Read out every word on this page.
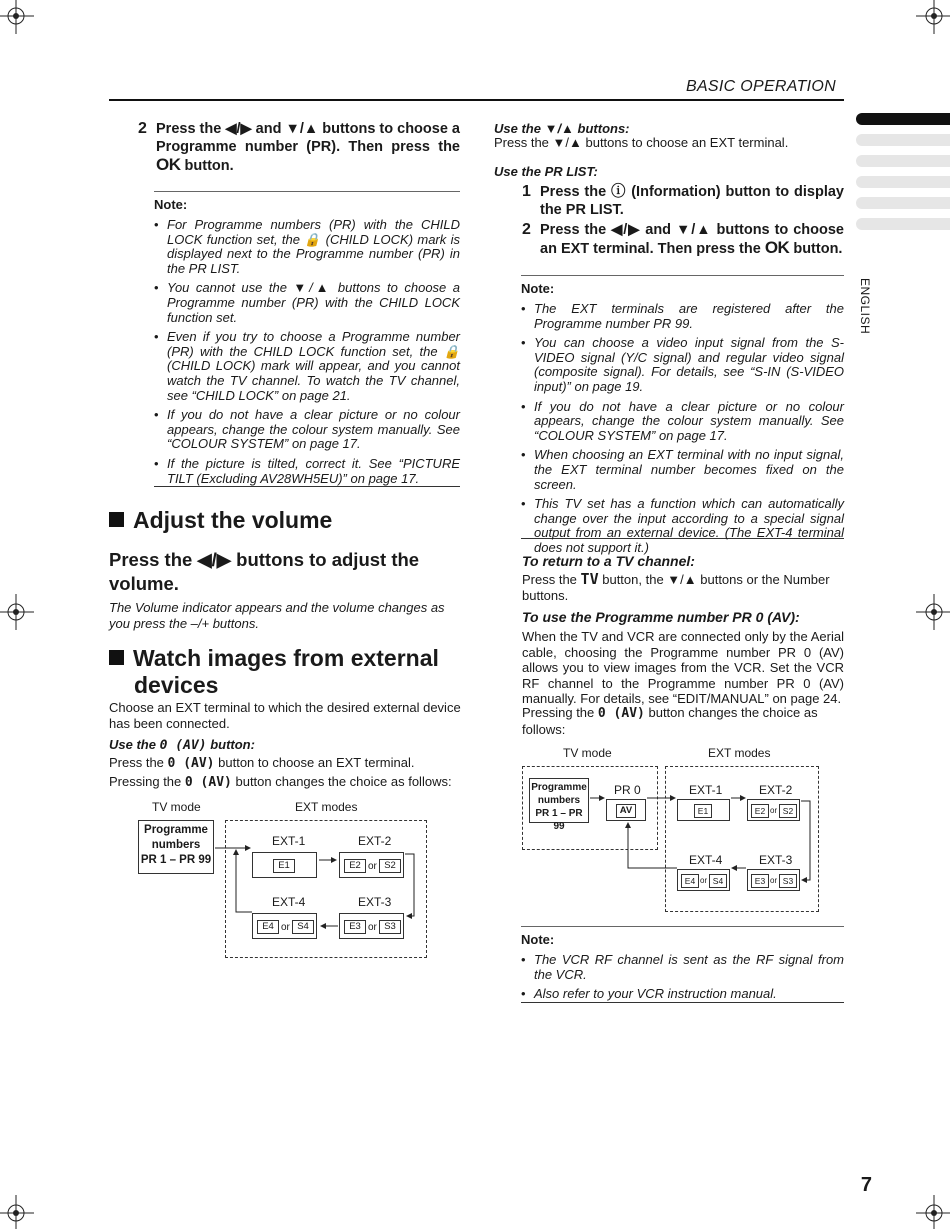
BASIC OPERATION
ENGLISH
2 Press the ◀/▶ and ▼/▲ buttons to choose a Programme number (PR). Then press the OK button.
Note:
• For Programme numbers (PR) with the CHILD LOCK function set, the 🔒 (CHILD LOCK) mark is displayed next to the Programme number (PR) in the PR LIST.
• You cannot use the ▼/▲ buttons to choose a Programme number (PR) with the CHILD LOCK function set.
• Even if you try to choose a Programme number (PR) with the CHILD LOCK function set, the 🔒 (CHILD LOCK) mark will appear, and you cannot watch the TV channel. To watch the TV channel, see “CHILD LOCK” on page 21.
• If you do not have a clear picture or no colour appears, change the colour system manually. See “COLOUR SYSTEM” on page 17.
• If the picture is tilted, correct it. See “PICTURE TILT (Excluding AV28WH5EU)” on page 17.
Adjust the volume
Press the ◀/▶ buttons to adjust the volume.
The Volume indicator appears and the volume changes as you press the –/+ buttons.
Watch images from external
devices
Choose an EXT terminal to which the desired external device has been connected.
Use the 0 (AV) button:
Press the 0 (AV) button to choose an EXT terminal.
Pressing the 0 (AV) button changes the choice as follows:
TV mode	EXT modes
Programme
numbers
PR 1 – PR 99
EXT-1	EXT-2
E1	E2 or S2
EXT-4	EXT-3
E4 or S4	E3 or S3
Use the ▼/▲ buttons:
Press the ▼/▲ buttons to choose an EXT terminal.
Use the PR LIST:
1 Press the ⓘ (Information) button to display the PR LIST.
2 Press the ◀/▶ and ▼/▲ buttons to choose an EXT terminal. Then press the OK button.
Note:
• The EXT terminals are registered after the Programme number PR 99.
• You can choose a video input signal from the S-VIDEO signal (Y/C signal) and regular video signal (composite signal). For details, see “S-IN (S-VIDEO input)” on page 19.
• If you do not have a clear picture or no colour appears, change the colour system manually. See “COLOUR SYSTEM” on page 17.
• When choosing an EXT terminal with no input signal, the EXT terminal number becomes fixed on the screen.
• This TV set has a function which can automatically change over the input according to a special signal output from an external device. (The EXT-4 terminal does not support it.)
To return to a TV channel:
Press the TV button, the ▼/▲ buttons or the Number buttons.
To use the Programme number PR 0 (AV):
When the TV and VCR are connected only by the Aerial cable, choosing the Programme number PR 0 (AV) allows you to view images from the VCR. Set the VCR RF channel to the Programme number PR 0 (AV) manually. For details, see “EDIT/MANUAL” on page 24.
Pressing the 0 (AV) button changes the choice as follows:
TV mode	EXT modes
Programme
numbers
PR 1 – PR 99
PR 0
AV
EXT-1	EXT-2
E1	E2 or S2
EXT-4	EXT-3
E4 or S4	E3 or S3
Note:
• The VCR RF channel is sent as the RF signal from the VCR.
• Also refer to your VCR instruction manual.
7
